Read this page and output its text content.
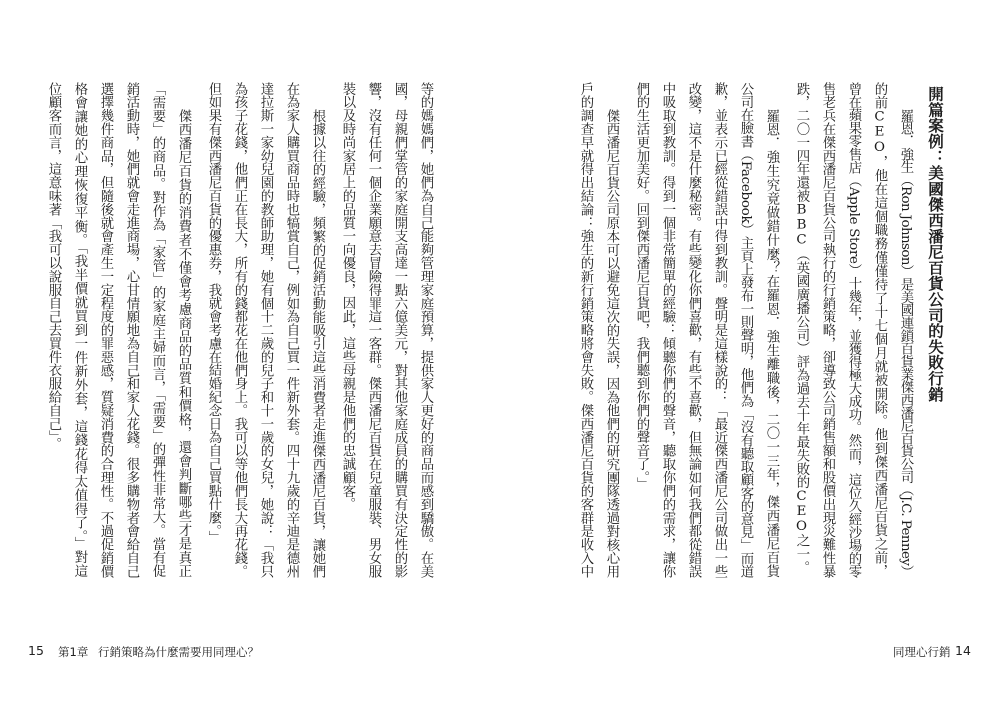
15 第1章 行銷策略為什麼需要用同理心？
等的媽媽們，她們為自己能夠管理家庭預算，提供家人更好的商品而感到驕傲。在美
國，母親們掌管的家庭開支高達一點六億美元，對其他家庭成員的購買有決定性的影
響，沒有任何一個企業願意去冒險得罪這一客群。傑西潘尼百貨在兒童服裝、男女服
裝以及時尚家居上的品質一向優良，因此，這些母親是他們的忠誠顧客。
根據以往的經驗，頻繁的促銷活動能吸引這些消費者走進傑西潘尼百貨，讓她們
在為家人購買商品時也犒賞自己，例如為自己買一件新外套。四十九歲的辛迪是德州
達拉斯一家幼兒園的教師助理，她有個十二歲的兒子和十一歲的女兒，她說：「我只
為孩子花錢，他們正在長大，所有的錢都花在他們身上。我可以等他們長大再花錢。
但如果有傑西潘尼百貨的優惠券，我就會考慮在結婚紀念日為自己買點什麼。」
傑西潘尼百貨的消費者不僅會考慮商品的品質和價格，還會判斷哪些才是真正
「需要」的商品。對作為「家管」的家庭主婦而言，「需要」的彈性非常大。當有促
銷活動時，她們就會走進商場，心甘情願地為自己和家人花錢。很多購物者會給自己
選擇幾件商品，但隨後就會產生一定程度的罪惡感，質疑消費的合理性。不過促銷價
格會讓她的心理恢復平衡。「我半價就買到一件新外套，這錢花得太值得了。」對這
位顧客而言，這意味著「我可以說服自己去買件衣服給自己」。	開篇案例：美國傑西潘尼百貨公司的失敗行銷
同理心行銷 14
羅恩．強生（Ron Johnson）是美國連鎖百貨業傑西潘尼百貨公司（J.C. Penney）
的前CEO，他在這個職務僅僅待了十七個月就被開除。他到傑西潘尼百貨之前，
曾在蘋果零售店（Apple Store）十幾年，並獲得極大成功。然而，這位久經沙場的零
售老兵在傑西潘尼百貨公司執行的行銷策略，卻導致公司銷售額和股價出現災難性暴
跌，二〇一四年還被BBC（英國廣播公司）評為過去十年最失敗的CEO之一。
羅恩．強生究竟做錯什麼？在羅恩．強生離職後，二〇一三年，傑西潘尼百貨
公司在臉書（Facebook）主頁上發布一則聲明，他們為「沒有聽取顧客的意見」而道
歉，並表示已經從錯誤中得到教訓。聲明是這樣說的：「最近傑西潘尼公司做出一些
改變，這不是什麼秘密。有些變化你們喜歡，有些不喜歡，但無論如何我們都從錯誤
中吸取到教訓。得到一個非常簡單的經驗：傾聽你們的聲音，聽取你們的需求，讓你
們的生活更加美好。回到傑西潘尼百貨吧，我們聽到你們的聲音了。」
傑西潘尼百貨公司原本可以避免這次的失誤，因為他們的研究團隊透過對核心用
戶的調查早就得出結論：強生的新行銷策略將會失敗。傑西潘尼百貨的客群是收入中
